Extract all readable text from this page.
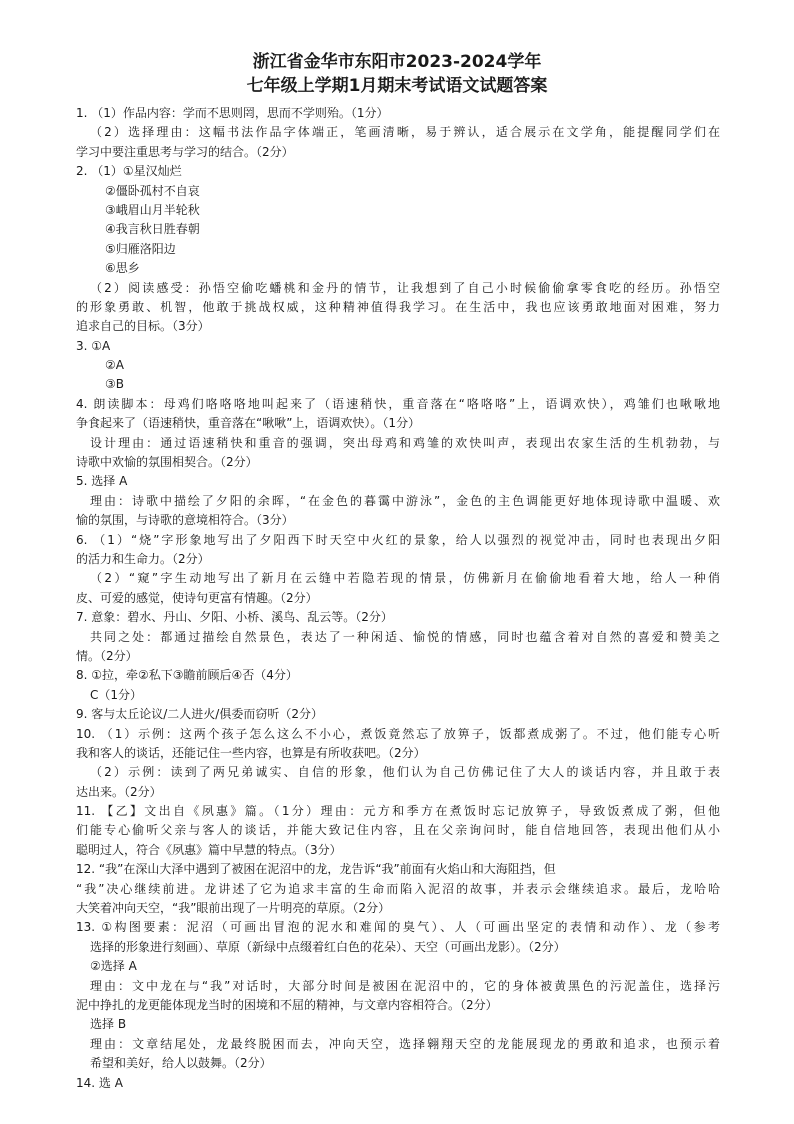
浙江省金华市东阳市2023-2024学年
七年级上学期1月期末考试语文试题答案
1. （1）作品内容：学而不思则罔，思而不学则殆。（1分）
（2）选择理由：这幅书法作品字体端正，笔画清晰，易于辨认，适合展示在文学角，能提醒同学们在
学习中要注重思考与学习的结合。（2分）
2. （1）①星汉灿烂
②僵卧孤村不自哀
③峨眉山月半轮秋
④我言秋日胜春朝
⑤归雁洛阳边
⑥思乡
（2）阅读感受：孙悟空偷吃蟠桃和金丹的情节，让我想到了自己小时候偷偷拿零食吃的经历。孙悟空
的形象勇敢、机智，他敢于挑战权威，这种精神值得我学习。在生活中，我也应该勇敢地面对困难，努力
追求自己的目标。（3分）
3. ①A
②A
③B
4. 朗读脚本：母鸡们咯咯咯地叫起来了（语速稍快，重音落在“咯咯咯”上，语调欢快），鸡雏们也啾啾地
争食起来了（语速稍快，重音落在“啾啾”上，语调欢快）。（1分）
设计理由：通过语速稍快和重音的强调，突出母鸡和鸡雏的欢快叫声，表现出农家生活的生机勃勃，与
诗歌中欢愉的氛围相契合。（2分）
5. 选择 A
理由：诗歌中描绘了夕阳的余晖，“在金色的暮霭中游泳”，金色的主色调能更好地体现诗歌中温暖、欢
愉的氛围，与诗歌的意境相符合。（3分）
6. （1）“烧”字形象地写出了夕阳西下时天空中火红的景象，给人以强烈的视觉冲击，同时也表现出夕阳
的活力和生命力。（2分）
（2）“窥”字生动地写出了新月在云缝中若隐若现的情景，仿佛新月在偷偷地看着大地，给人一种俏
皮、可爱的感觉，使诗句更富有情趣。（2分）
7. 意象：碧水、丹山、夕阳、小桥、溪鸟、乱云等。（2分）
共同之处：都通过描绘自然景色，表达了一种闲适、愉悦的情感，同时也蕴含着对自然的喜爱和赞美之
情。（2分）
8. ①拉，牵②私下③瞻前顾后④否（4分）
C（1分）
9. 客与太丘论议/二人进火/俱委而窃听（2分）
10. （1）示例：这两个孩子怎么这么不小心，煮饭竟然忘了放箅子，饭都煮成粥了。不过，他们能专心听
我和客人的谈话，还能记住一些内容，也算是有所收获吧。（2分）
（2）示例：读到了两兄弟诚实、自信的形象，他们认为自己仿佛记住了大人的谈话内容，并且敢于表
达出来。（2分）
11. 【乙】文出自《夙惠》篇。（1分）理由：元方和季方在煮饭时忘记放箅子，导致饭煮成了粥，但他
们能专心偷听父亲与客人的谈话，并能大致记住内容，且在父亲询问时，能自信地回答，表现出他们从小
聪明过人，符合《夙惠》篇中早慧的特点。（3分）
12. “我”在深山大泽中遇到了被困在泥沼中的龙，龙告诉“我”前面有火焰山和大海阻挡，但
“我”决心继续前进。龙讲述了它为追求丰富的生命而陷入泥沼的故事，并表示会继续追求。最后，龙哈哈
大笑着冲向天空，“我”眼前出现了一片明亮的草原。（2分）
13. ①构图要素：泥沼（可画出冒泡的泥水和难闻的臭气）、人（可画出坚定的表情和动作）、龙（参考
选择的形象进行刻画）、草原（新绿中点缀着红白色的花朵）、天空（可画出龙影）。（2分）
②选择 A
理由：文中龙在与“我”对话时，大部分时间是被困在泥沼中的，它的身体被黄黑色的污泥盖住，选择污
泥中挣扎的龙更能体现龙当时的困境和不屈的精神，与文章内容相符合。（2分）
选择 B
理由：文章结尾处，龙最终脱困而去，冲向天空，选择翱翔天空的龙能展现龙的勇敢和追求，也预示着
希望和美好，给人以鼓舞。（2分）
14. 选 A
